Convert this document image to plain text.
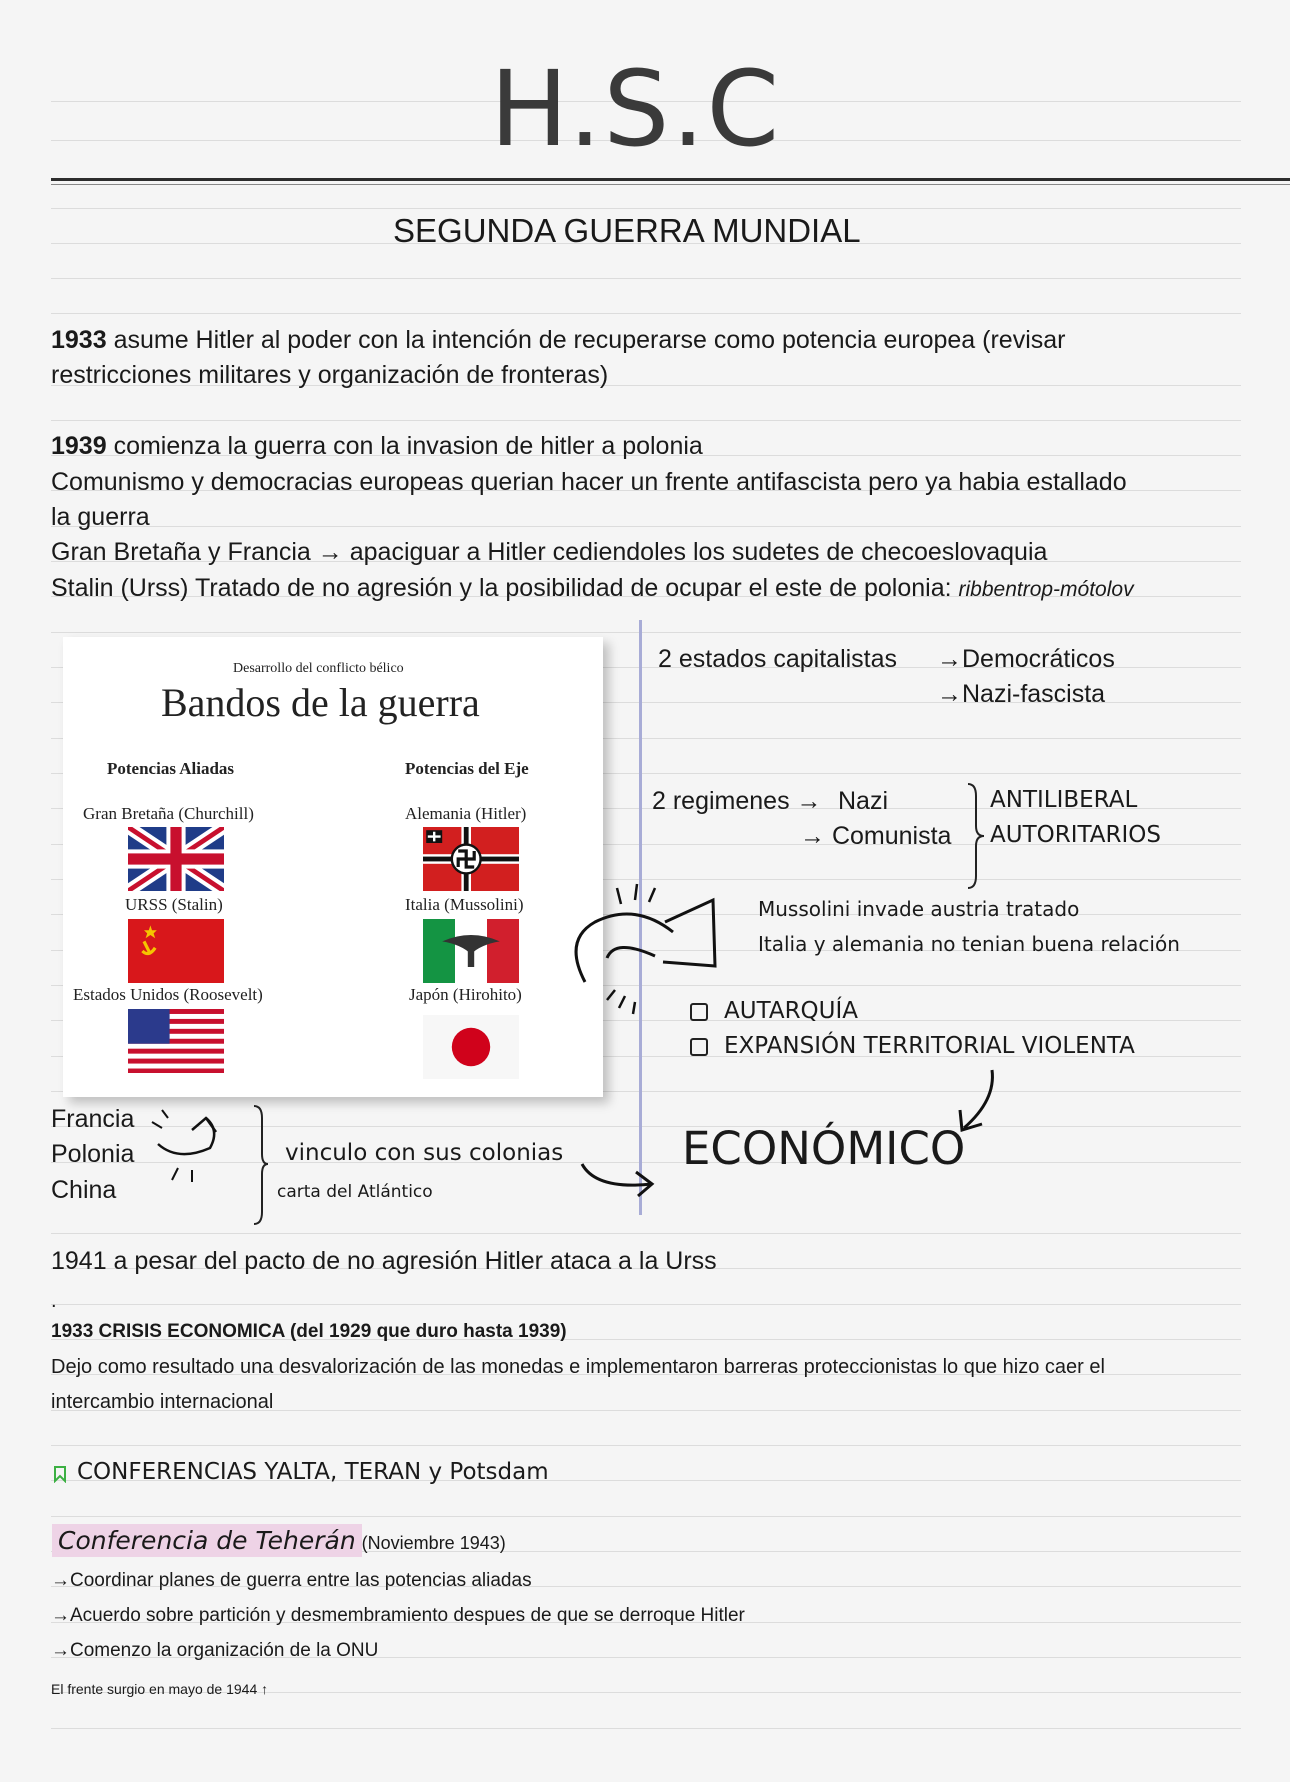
H.S.C
SEGUNDA GUERRA MUNDIAL
1933 asume Hitler al poder con la intención de recuperarse como potencia europea (revisar
restricciones militares y organización de fronteras)
1939 comienza la guerra con la invasion de hitler a polonia
Comunismo y democracias europeas querian hacer un frente antifascista pero ya habia estallado
la guerra
Gran Bretaña y Francia → apaciguar a Hitler cediendoles los sudetes de checoeslovaquia
Stalin (Urss) Tratado de no agresión y la posibilidad de ocupar el este de polonia: ribbentrop-mótolov
Desarrollo del conflicto bélico
Bandos de la guerra
Potencias Aliadas	Potencias del Eje
Gran Bretaña (Churchill)	Alemania (Hitler)
URSS (Stalin)	Italia (Mussolini)
Estados Unidos (Roosevelt)	Japón (Hirohito)
2 estados capitalistas →Democráticos
→Nazi-fascista
2 regimenes → Nazi
→ Comunista
ANTILIBERAL
AUTORITARIOS
Mussolini invade austria tratado
Italia y alemania no tenian buena relación
AUTARQUÍA
EXPANSIÓN TERRITORIAL VIOLENTA
ECONÓMICO
Francia
Polonia
China
vinculo con sus colonias
carta del Atlántico
1941 a pesar del pacto de no agresión Hitler ataca a la Urss
.
1933 CRISIS ECONOMICA (del 1929 que duro hasta 1939)
Dejo como resultado una desvalorización de las monedas e implementaron barreras proteccionistas lo que hizo caer el
intercambio internacional
CONFERENCIAS YALTA, TERAN y Potsdam
Conferencia de Teherán (Noviembre 1943)
→Coordinar planes de guerra entre las potencias aliadas
→Acuerdo sobre partición y desmembramiento despues de que se derroque Hitler
→Comenzo la organización de la ONU
El frente surgio en mayo de 1944 ↑
